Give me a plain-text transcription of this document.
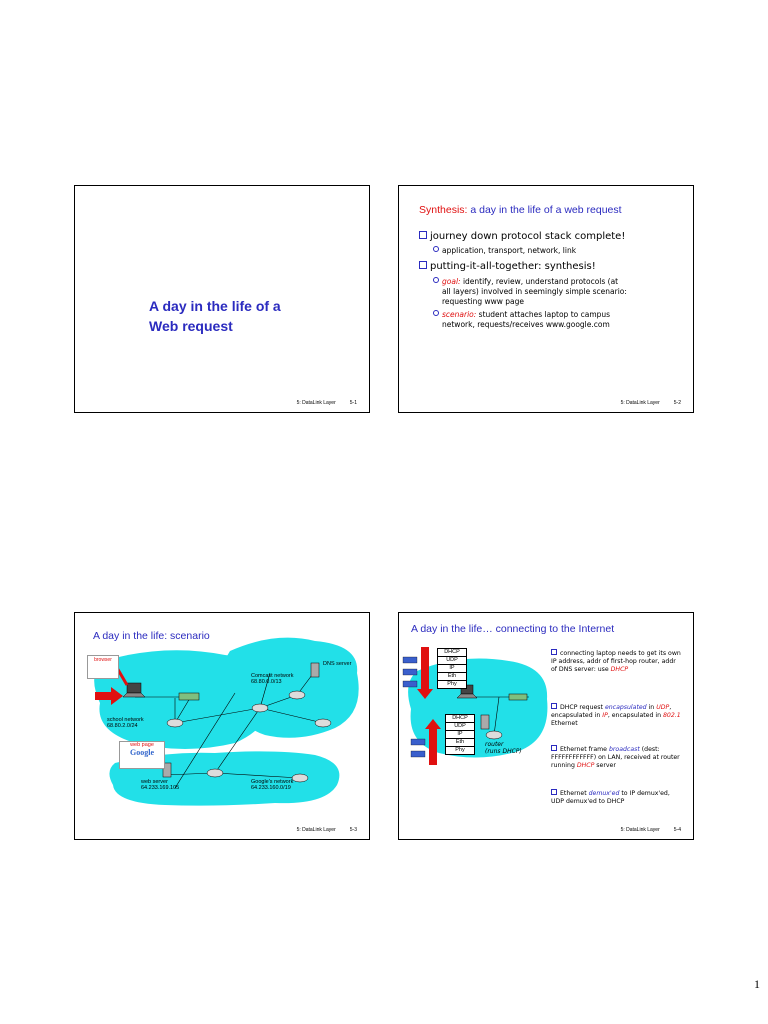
A day in the life of a
Web request
5: DataLink Layer	5-1
Synthesis: a day in the life of a web request
journey down protocol stack complete!
application, transport, network, link
putting-it-all-together: synthesis!
goal: identify, review, understand protocols (at
all layers) involved in seemingly simple scenario:
requesting www page
scenario: student attaches laptop to campus
network, requests/receives www.google.com
5: DataLink Layer	5-2
A day in the life: scenario
browser
web page
Google
DNS server
Comcast network
68.80.0.0/13
school network
68.80.2.0/24
web server
64.233.169.105
Google's network
64.233.160.0/19
5: DataLink Layer	5-3
A day in the life… connecting to the Internet
DHCP
UDP
IP
Eth
Phy
DHCP
UDP
IP
Eth
Phy
router
(runs DHCP)
connecting laptop needs to get its own IP address, addr of first-hop router, addr of DNS server: use DHCP
DHCP request encapsulated in UDP, encapsulated in IP, encapsulated in 802.1 Ethernet
Ethernet frame broadcast (dest: FFFFFFFFFFFF) on LAN, received at router running DHCP server
Ethernet demux'ed to IP demux'ed, UDP demux'ed to DHCP
5: DataLink Layer	5-4
1
